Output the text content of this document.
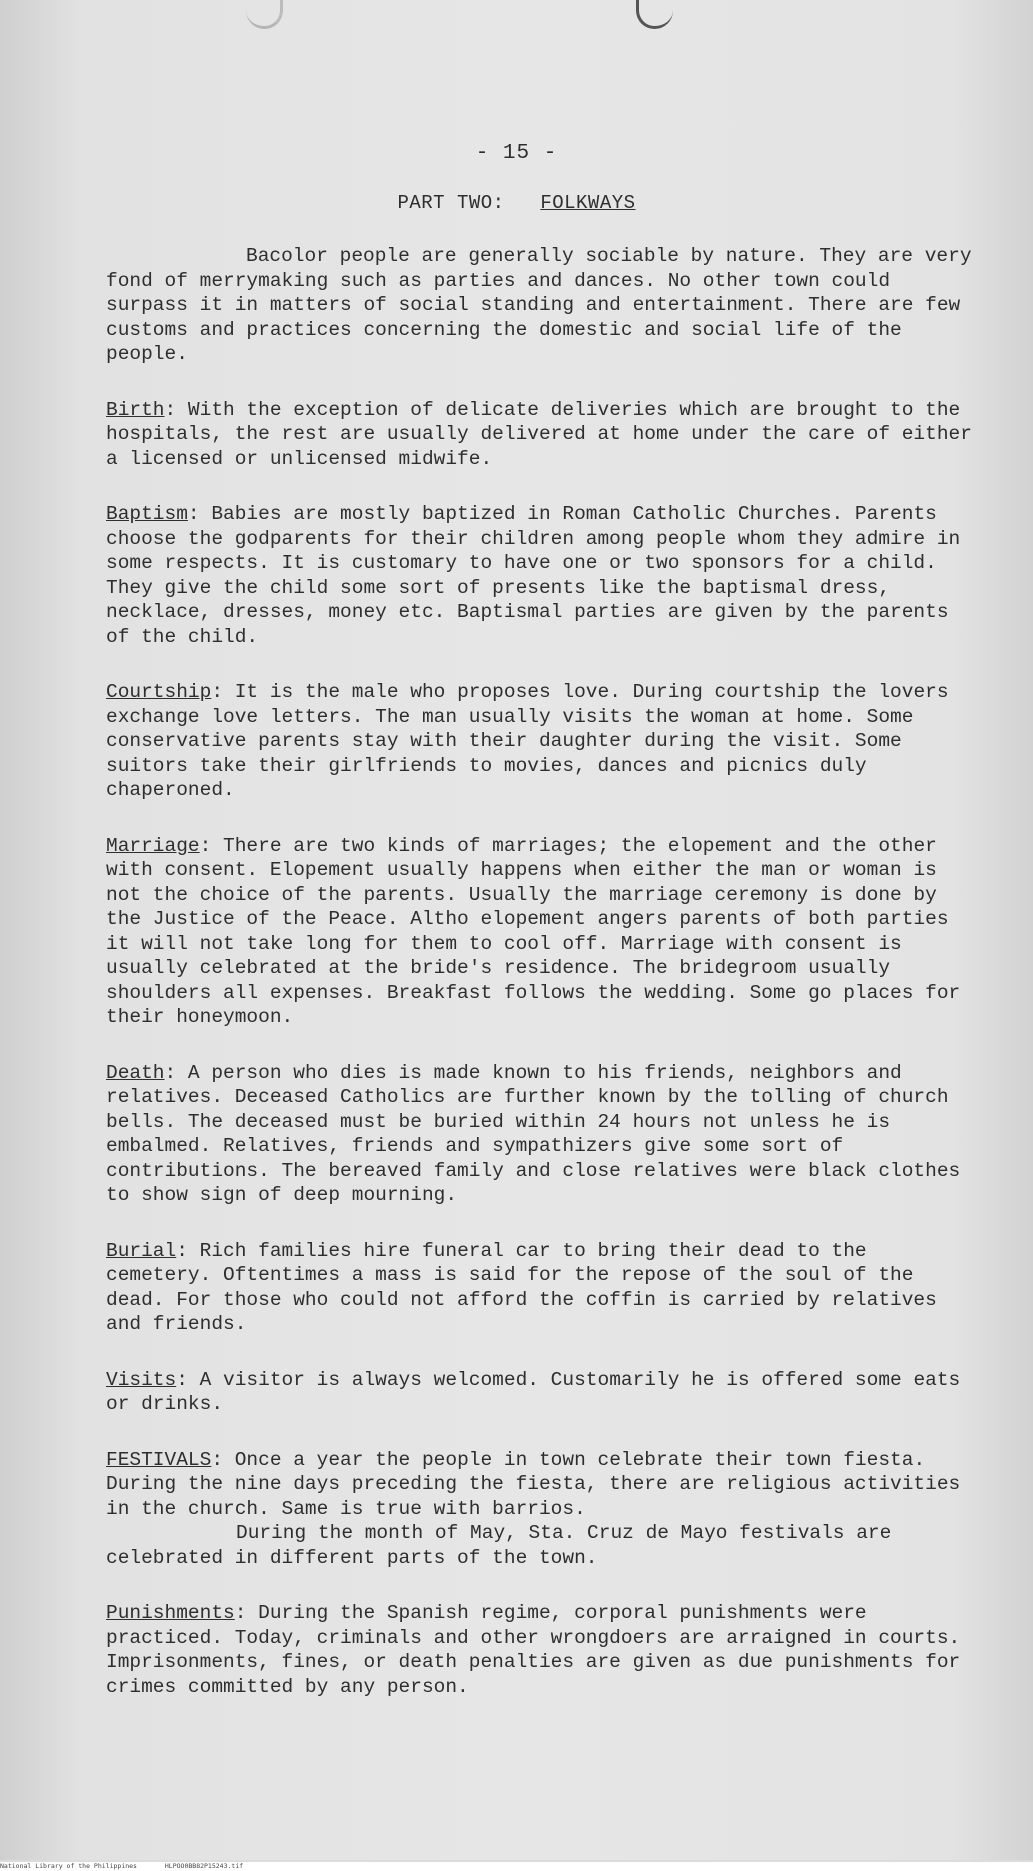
- 15 -
PART TWO: FOLKWAYS

Bacolor people are generally sociable by nature. They are very fond of merrymaking such as parties and dances. No other town could surpass it in matters of social standing and entertainment. There are few customs and practices concerning the domestic and social life of the people.

Birth: With the exception of delicate deliveries which are brought to the hospitals, the rest are usually delivered at home under the care of either a licensed or unlicensed midwife.

Baptism: Babies are mostly baptized in Roman Catholic Churches. Parents choose the godparents for their children among people whom they admire in some respects. It is customary to have one or two sponsors for a child. They give the child some sort of presents like the baptismal dress, necklace, dresses, money etc. Baptismal parties are given by the parents of the child.

Courtship: It is the male who proposes love. During courtship the lovers exchange love letters. The man usually visits the woman at home. Some conservative parents stay with their daughter during the visit. Some suitors take their girlfriends to movies, dances and picnics duly chaperoned.

Marriage: There are two kinds of marriages; the elopement and the other with consent. Elopement usually happens when either the man or woman is not the choice of the parents. Usually the marriage ceremony is done by the Justice of the Peace. Altho elopement angers parents of both parties it will not take long for them to cool off. Marriage with consent is usually celebrated at the bride's residence. The bridegroom usually shoulders all expenses. Breakfast follows the wedding. Some go places for their honeymoon.

Death: A person who dies is made known to his friends, neighbors and relatives. Deceased Catholics are further known by the tolling of church bells. The deceased must be buried within 24 hours not unless he is embalmed. Relatives, friends and sympathizers give some sort of contributions. The bereaved family and close relatives were black clothes to show sign of deep mourning.

Burial: Rich families hire funeral car to bring their dead to the cemetery. Oftentimes a mass is said for the repose of the soul of the dead. For those who could not afford the coffin is carried by relatives and friends.

Visits: A visitor is always welcomed. Customarily he is offered some eats or drinks.

FESTIVALS: Once a year the people in town celebrate their town fiesta. During the nine days preceding the fiesta, there are religious activities in the church. Same is true with barrios.

During the month of May, Sta. Cruz de Mayo festivals are celebrated in different parts of the town.

Punishments: During the Spanish regime, corporal punishments were practiced. Today, criminals and other wrongdoers are arraigned in courts. Imprisonments, fines, or death penalties are given as due punishments for crimes committed by any person.

National Library of the Philippines	HLPOO0BB82P15243.tif
